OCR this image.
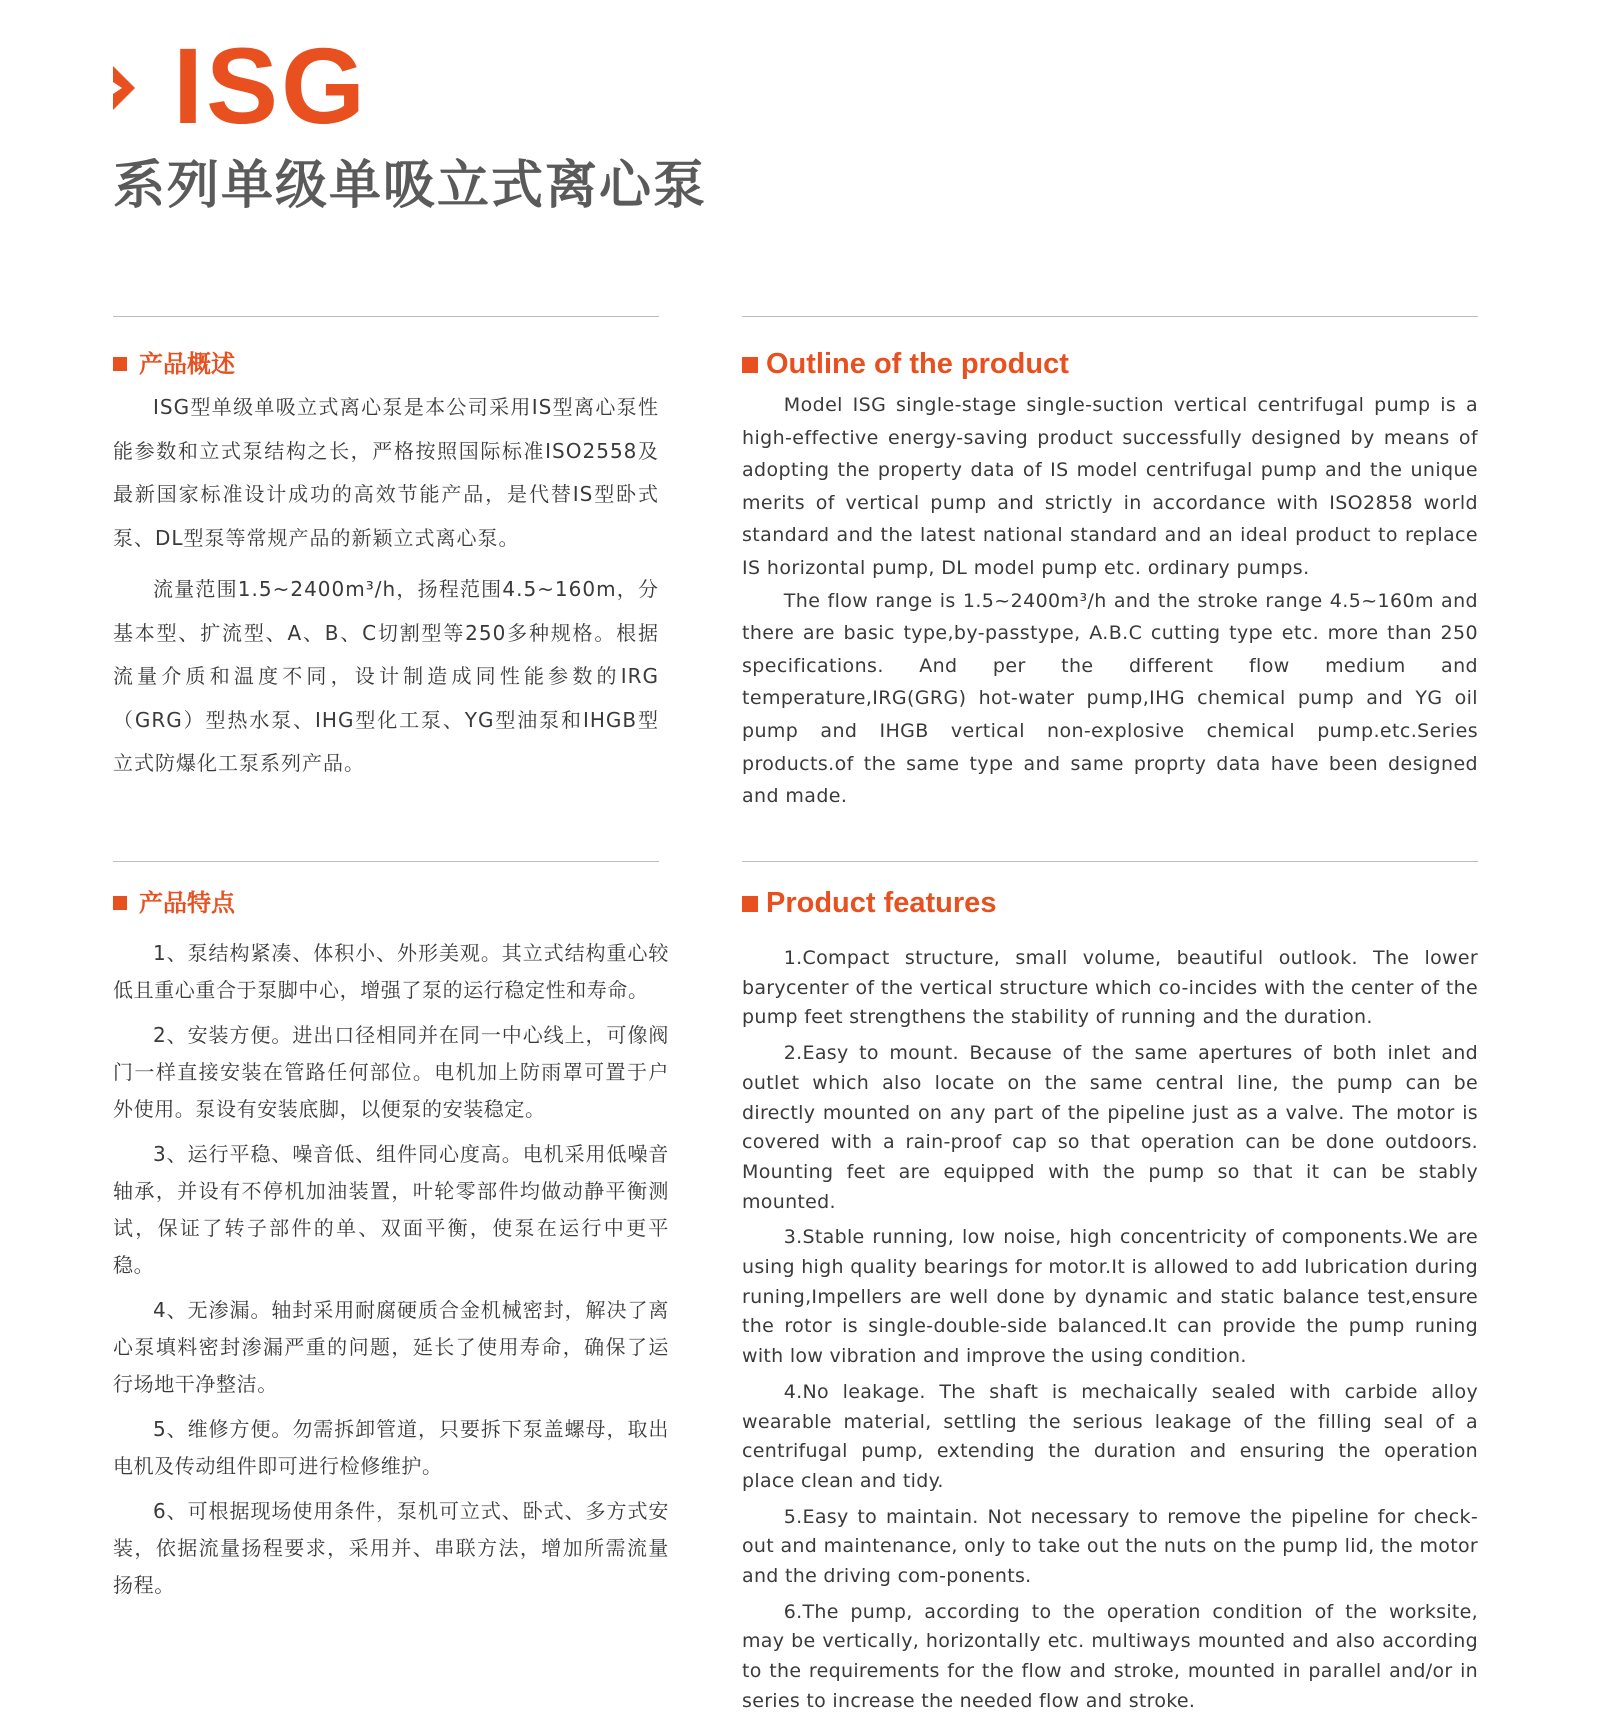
ISG
系列单级单吸立式离心泵
产品概述

ISG型单级单吸立式离心泵是本公司采用IS型离心泵性能参数和立式泵结构之长，严格按照国际标准ISO2558及最新国家标准设计成功的高效节能产品，是代替IS型卧式泵、DL型泵等常规产品的新颖立式离心泵。

流量范围1.5~2400m³/h，扬程范围4.5~160m，分基本型、扩流型、A、B、C切割型等250多种规格。根据流量介质和温度不同，设计制造成同性能参数的IRG（GRG）型热水泵、IHG型化工泵、YG型油泵和IHGB型立式防爆化工泵系列产品。

Outline of the product

Model ISG single-stage single-suction vertical centrifugal pump is a high-effective energy-saving product successfully designed by means of adopting the property data of IS model centrifugal pump and the unique merits of vertical pump and strictly in accordance with ISO2858 world standard and the latest national standard and an ideal product to replace IS horizontal pump, DL model pump etc. ordinary pumps.

The flow range is 1.5~2400m³/h and the stroke range 4.5~160m and there are basic type,by-passtype, A.B.C cutting type etc. more than 250 specifications. And per the different flow medium and temperature,IRG(GRG) hot-water pump,IHG chemical pump and YG oil pump and IHGB vertical non-explosive chemical pump.etc.Series products.of the same type and same proprty data have been designed and made.

产品特点

1、泵结构紧凑、体积小、外形美观。其立式结构重心较低且重心重合于泵脚中心，增强了泵的运行稳定性和寿命。

2、安装方便。进出口径相同并在同一中心线上，可像阀门一样直接安装在管路任何部位。电机加上防雨罩可置于户外使用。泵设有安装底脚，以便泵的安装稳定。

3、运行平稳、噪音低、组件同心度高。电机采用低噪音轴承，并设有不停机加油装置，叶轮零部件均做动静平衡测试，保证了转子部件的单、双面平衡，使泵在运行中更平稳。

4、无渗漏。轴封采用耐腐硬质合金机械密封，解决了离心泵填料密封渗漏严重的问题，延长了使用寿命，确保了运行场地干净整洁。

5、维修方便。勿需拆卸管道，只要拆下泵盖螺母，取出电机及传动组件即可进行检修维护。

6、可根据现场使用条件，泵机可立式、卧式、多方式安装，依据流量扬程要求，采用并、串联方法，增加所需流量扬程。

Product features

1.Compact structure, small volume, beautiful outlook. The lower barycenter of the vertical structure which co-incides with the center of the pump feet strengthens the stability of running and the duration.

2.Easy to mount. Because of the same apertures of both inlet and outlet which also locate on the same central line, the pump can be directly mounted on any part of the pipeline just as a valve. The motor is covered with a rain-proof cap so that operation can be done outdoors. Mounting feet are equipped with the pump so that it can be stably mounted.

3.Stable running, low noise, high concentricity of components.We are using high quality bearings for motor.It is allowed to add lubrication during runing,Impellers are well done by dynamic and static balance test,ensure the rotor is single-double-side balanced.It can provide the pump runing with low vibration and improve the using condition.

4.No leakage. The shaft is mechaically sealed with carbide alloy wearable material, settling the serious leakage of the filling seal of a centrifugal pump, extending the duration and ensuring the operation place clean and tidy.

5.Easy to maintain. Not necessary to remove the pipeline for check-out and maintenance, only to take out the nuts on the pump lid, the motor and the driving com-ponents.

6.The pump, according to the operation condition of the worksite, may be vertically, horizontally etc. multiways mounted and also according to the requirements for the flow and stroke, mounted in parallel and/or in series to increase the needed flow and stroke.
